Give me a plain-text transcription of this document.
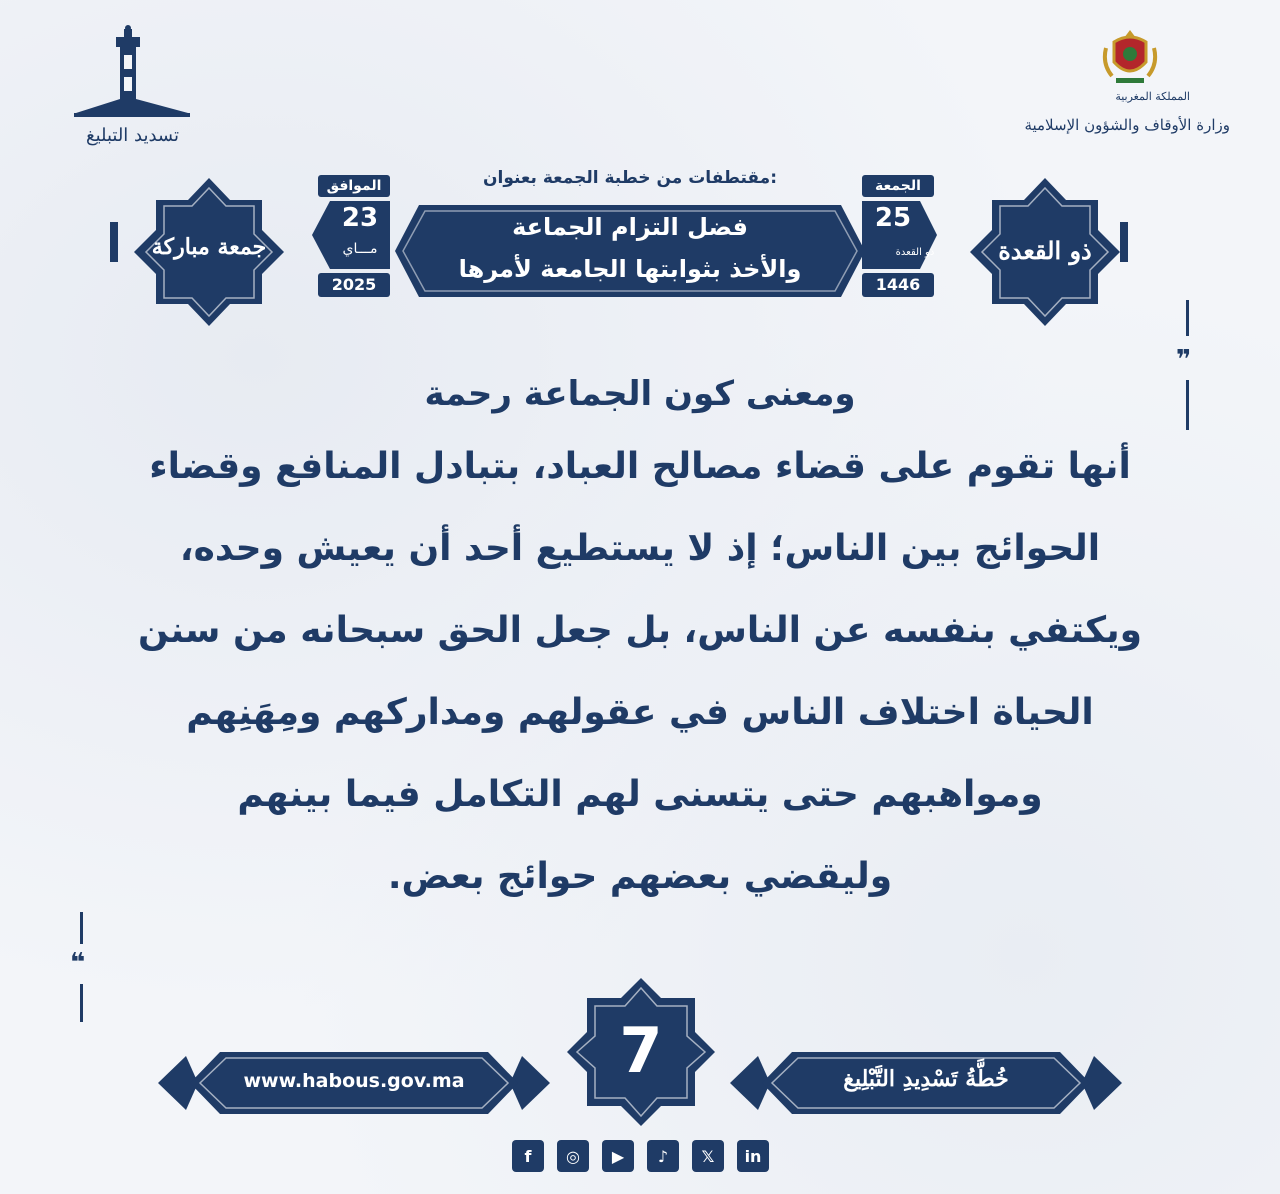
المملكة المغربية
وزارة الأوقاف والشؤون الإسلامية
تسديد التبليغ
مقتطفات من خطبة الجمعة بعنوان:
فضل التزام الجماعة
والأخذ بثوابتها الجامعة لأمرها
الجمعة
25
ذو القعدة
1446
الموافق
23
مـــاي
2025
ذو القعدة
جمعة مباركة
❞
❝
ومعنى كون الجماعة رحمة
أنها تقوم على قضاء مصالح العباد، بتبادل المنافع وقضاء
الحوائج بين الناس؛ إذ لا يستطيع أحد أن يعيش وحده،
ويكتفي بنفسه عن الناس، بل جعل الحق سبحانه من سنن
الحياة اختلاف الناس في عقولهم ومداركهم ومِهَنِهم
ومواهبهم حتى يتسنى لهم التكامل فيما بينهم
وليقضي بعضهم حوائج بعض.
www.habous.gov.ma	7	خُطَّةُ تَسْدِيدِ التَّبْلِيغ
f	◎	▶	♪	𝕏	in
